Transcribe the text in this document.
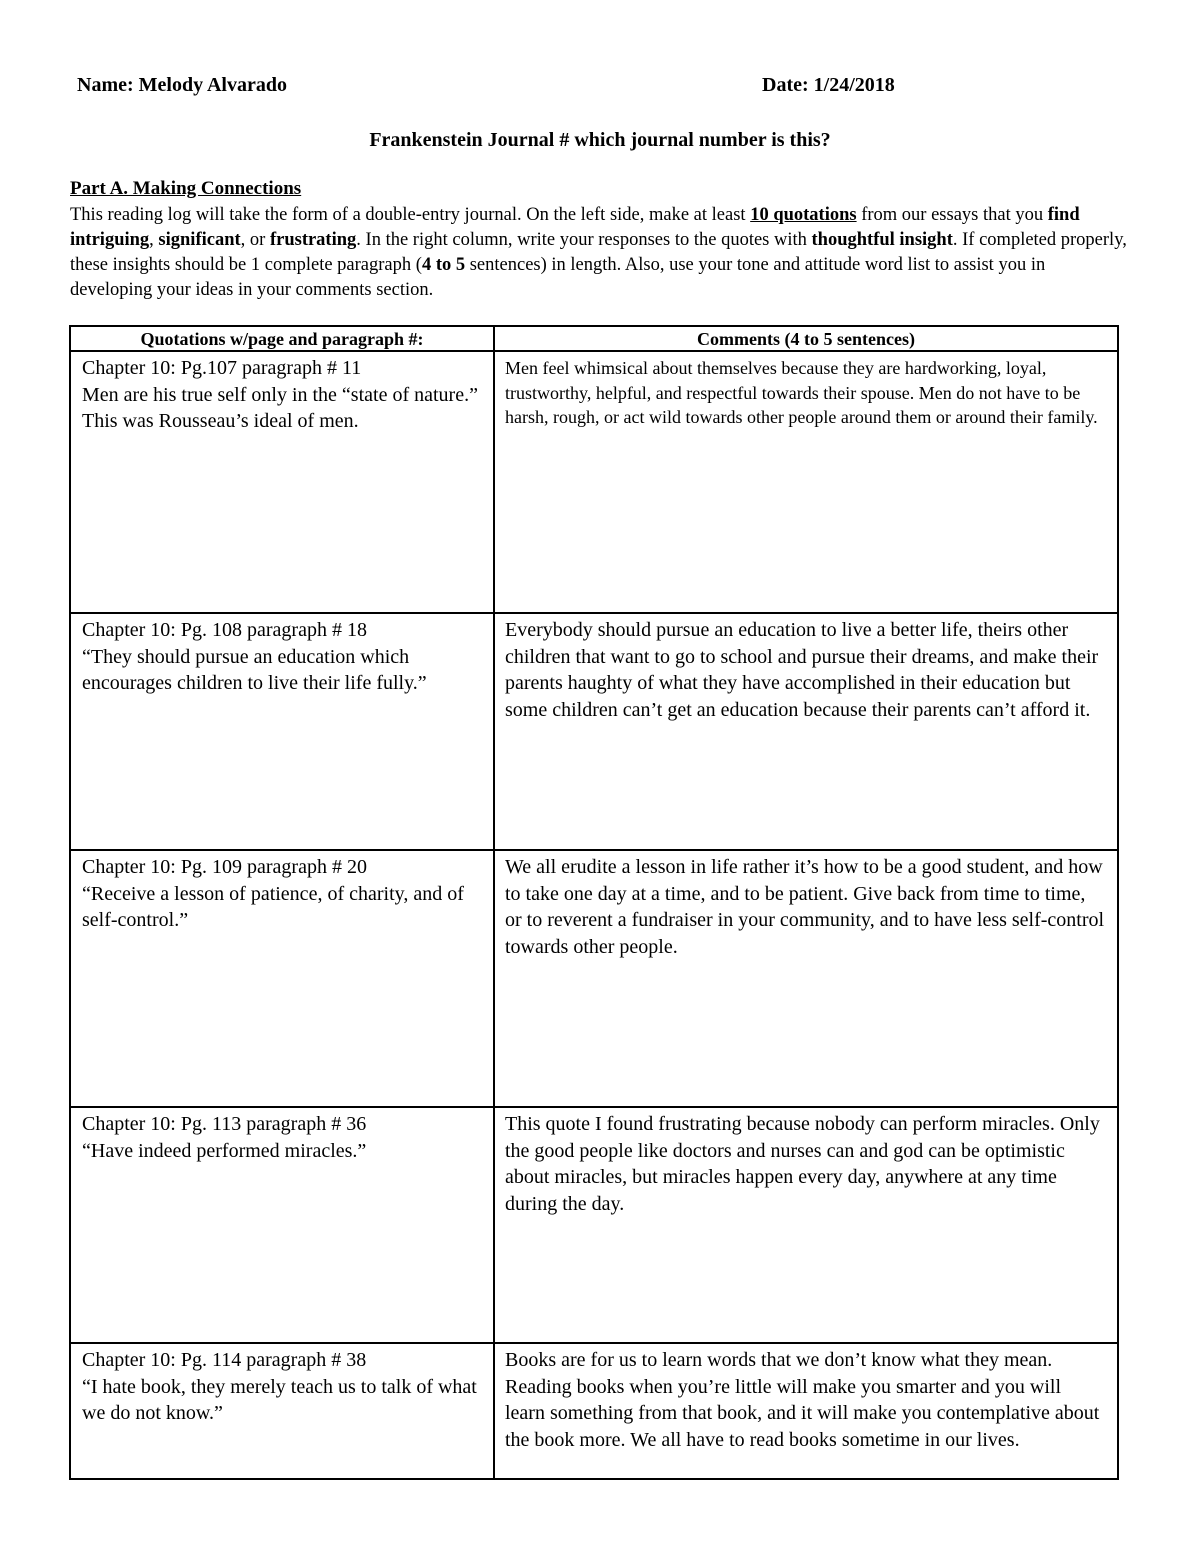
Name: Melody Alvarado	Date: 1/24/2018
Frankenstein Journal # which journal number is this?
Part A. Making Connections
This reading log will take the form of a double-entry journal. On the left side, make at least 10 quotations from our essays that you find intriguing, significant, or frustrating. In the right column, write your responses to the quotes with thoughtful insight. If completed properly, these insights should be 1 complete paragraph (4 to 5 sentences) in length. Also, use your tone and attitude word list to assist you in developing your ideas in your comments section.
Quotations w/page and paragraph #:	Comments (4 to 5 sentences)

Chapter 10: Pg.107 paragraph # 11
Men are his true self only in the “state of nature.” This was Rousseau’s ideal of men.	Men feel whimsical about themselves because they are hardworking, loyal, trustworthy, helpful, and respectful towards their spouse. Men do not have to be harsh, rough, or act wild towards other people around them or around their family.

Chapter 10: Pg. 108 paragraph # 18
“They should pursue an education which encourages children to live their life fully.”	Everybody should pursue an education to live a better life, theirs other children that want to go to school and pursue their dreams, and make their parents haughty of what they have accomplished in their education but some children can’t get an education because their parents can’t afford it.

Chapter 10: Pg. 109 paragraph # 20
“Receive a lesson of patience, of charity, and of self-control.”	We all erudite a lesson in life rather it’s how to be a good student, and how to take one day at a time, and to be patient. Give back from time to time, or to reverent a fundraiser in your community, and to have less self-control towards other people.

Chapter 10: Pg. 113 paragraph # 36
“Have indeed performed miracles.”	This quote I found frustrating because nobody can perform miracles. Only the good people like doctors and nurses can and god can be optimistic about miracles, but miracles happen every day, anywhere at any time during the day.

Chapter 10: Pg. 114 paragraph # 38
“I hate book, they merely teach us to talk of what we do not know.”	Books are for us to learn words that we don’t know what they mean. Reading books when you’re little will make you smarter and you will learn something from that book, and it will make you contemplative about the book more. We all have to read books sometime in our lives.
